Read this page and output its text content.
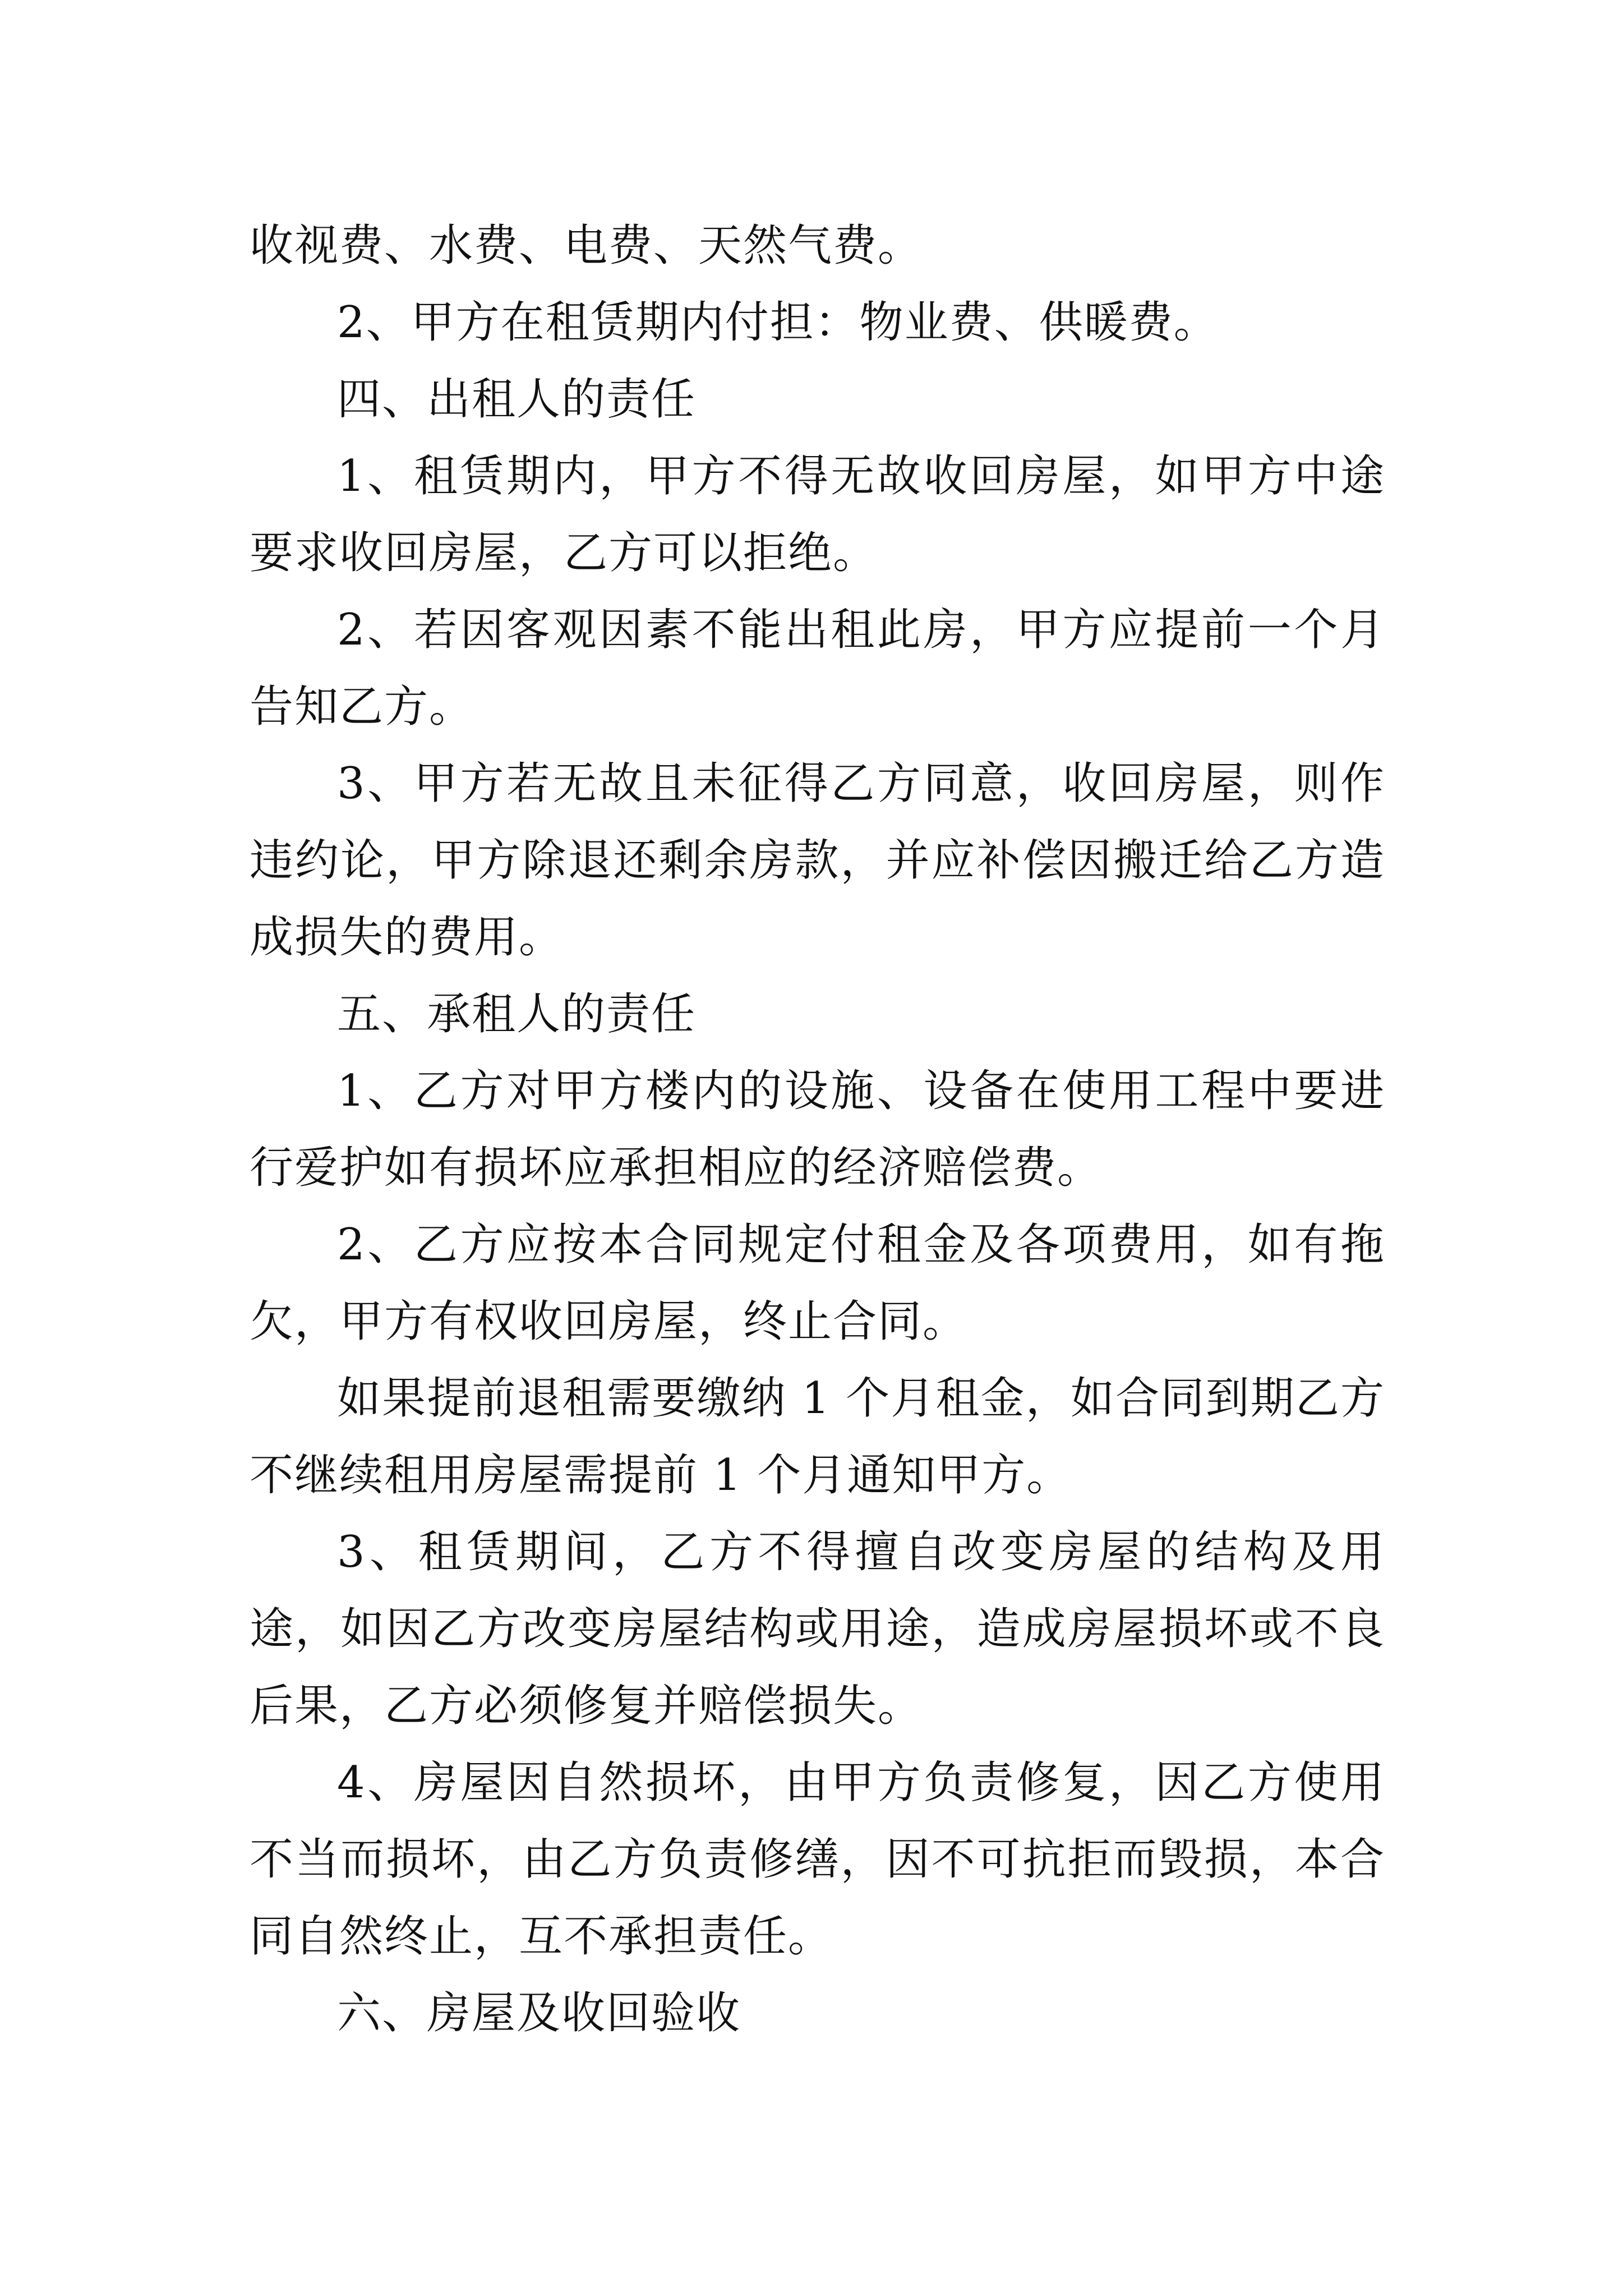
收视费、水费、电费、天然气费。

2、甲方在租赁期内付担：物业费、供暖费。

四、出租人的责任

1、租赁期内，甲方不得无故收回房屋，如甲方中途要求收回房屋，乙方可以拒绝。

2、若因客观因素不能出租此房，甲方应提前一个月告知乙方。

3、甲方若无故且未征得乙方同意，收回房屋，则作违约论，甲方除退还剩余房款，并应补偿因搬迁给乙方造成损失的费用。

五、承租人的责任

1、乙方对甲方楼内的设施、设备在使用工程中要进行爱护如有损坏应承担相应的经济赔偿费。

2、乙方应按本合同规定付租金及各项费用，如有拖欠，甲方有权收回房屋，终止合同。

如果提前退租需要缴纳 1 个月租金，如合同到期乙方不继续租用房屋需提前 1 个月通知甲方。

3、租赁期间，乙方不得擅自改变房屋的结构及用途，如因乙方改变房屋结构或用途，造成房屋损坏或不良后果，乙方必须修复并赔偿损失。

4、房屋因自然损坏，由甲方负责修复，因乙方使用不当而损坏，由乙方负责修缮，因不可抗拒而毁损，本合同自然终止，互不承担责任。

六、房屋及收回验收
